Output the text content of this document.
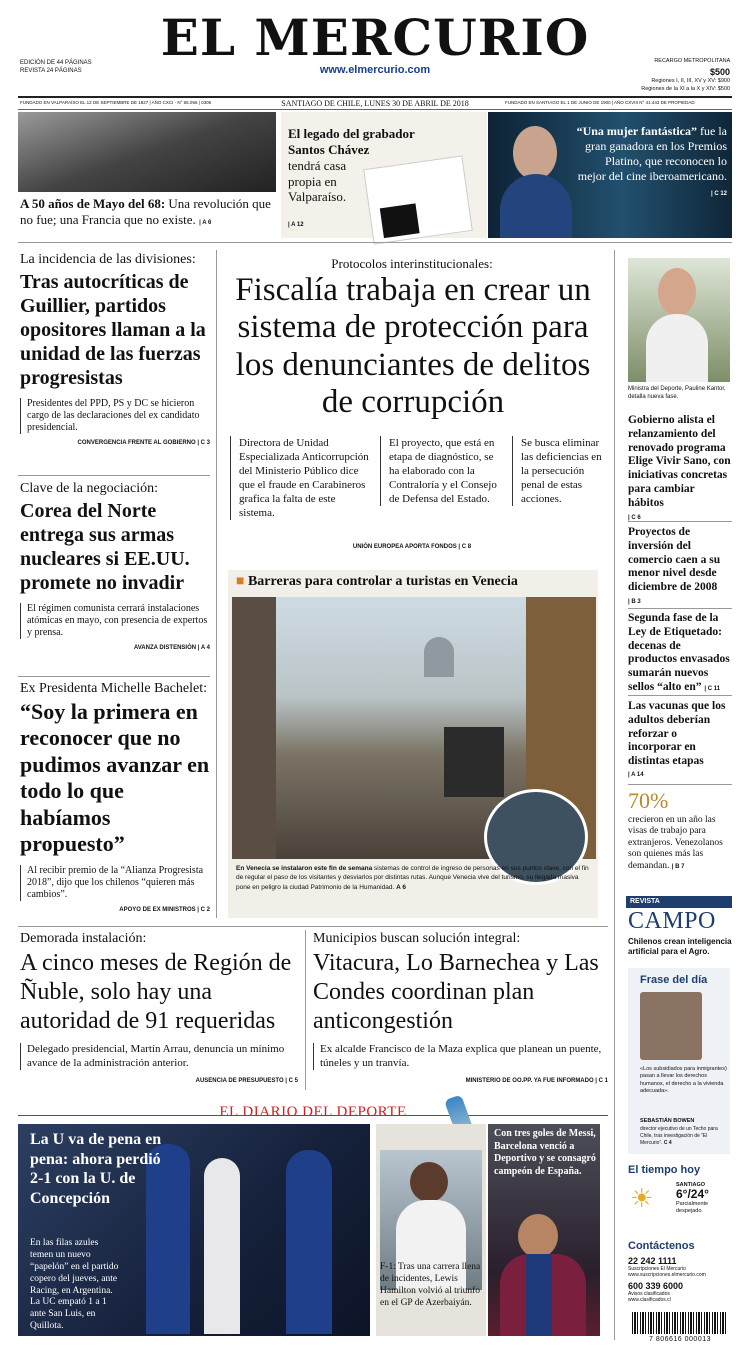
EDICIÓN DE 44 PÁGINAS
REVISTA 24 PÁGINAS
EL MERCURIO
www.elmercurio.com
RECARGO METROPOLITANA $500
Regiones I, II, III, XV y XV: $900
Regiones de la XI a la X y XIV: $500
FUNDADO EN VALPARAÍSO EL 12 DE SEPTIEMBRE DE 1827 | AÑO CXCI · N° 65.056 | 0306	SANTIAGO DE CHILE, LUNES 30 DE ABRIL DE 2018	FUNDADO EN SANTIAGO EL 1 DE JUNIO DE 1900 | AÑO CXVIII N° 41.443 DE PROPIEDAD
A 50 años de Mayo del 68: Una revolución que no fue; una Francia que no existe. | A 6
El legado del grabador Santos Chávez
tendrá casa propia en Valparaíso.
| A 12
“Una mujer fantástica” fue la gran ganadora en los Premios Platino, que reconocen lo mejor del cine iberoamericano. | C 12
La incidencia de las divisiones:
Tras autocríticas de Guillier, partidos opositores llaman a la unidad de las fuerzas progresistas
Presidentes del PPD, PS y DC se hicieron cargo de las declaraciones del ex candidato presidencial.
CONVERGENCIA FRENTE AL GOBIERNO | C 3
Clave de la negociación:
Corea del Norte entrega sus armas nucleares si EE.UU. promete no invadir
El régimen comunista cerrará instalaciones atómicas en mayo, con presencia de expertos y prensa.
AVANZA DISTENSIÓN | A 4
Ex Presidenta Michelle Bachelet:
“Soy la primera en reconocer que no pudimos avanzar en todo lo que habíamos propuesto”
Al recibir premio de la “Alianza Progresista 2018”, dijo que los chilenos “quieren más cambios”.
APOYO DE EX MINISTROS | C 2
Protocolos interinstitucionales:
Fiscalía trabaja en crear un sistema de protección para los denunciantes de delitos de corrupción
Directora de Unidad Especializada Anticorrupción del Ministerio Público dice que el fraude en Carabineros grafica la falta de este sistema.
El proyecto, que está en etapa de diagnóstico, se ha elaborado con la Contraloría y el Consejo de Defensa del Estado.
Se busca eliminar las deficiencias en la persecución penal de estas acciones.
UNIÓN EUROPEA APORTA FONDOS | C 8
■ Barreras para controlar a turistas en Venecia
En Venecia se instalaron este fin de semana sistemas de control de ingreso de personas en sus puntos clave, con el fin de regular el paso de los visitantes y desviarlos por distintas rutas. Aunque Venecia vive del turismo, su llegada masiva pone en peligro la ciudad Patrimonio de la Humanidad. A 6
Ministra del Deporte, Pauline Kantor, detalla nueva fase.
Gobierno alista el relanzamiento del renovado programa Elige Vivir Sano, con iniciativas concretas para cambiar hábitos
| C 6
Proyectos de inversión del comercio caen a su menor nivel desde diciembre de 2008
| B 3
Segunda fase de la Ley de Etiquetado: decenas de productos envasados sumarán nuevos sellos “alto en” | C 11
Las vacunas que los adultos deberían reforzar o incorporar en distintas etapas
| A 14
70%
crecieron en un año las visas de trabajo para extranjeros. Venezolanos son quienes más las demandan. | B 7
REVISTA
CAMPO
Chilenos crean inteligencia artificial para el Agro.
Frase del día
«Los subsidiados para inmigrantes) pasan a llevar los derechos humanos, el derecho a la vivienda adecuada».
SEBASTIÁN BOWEN
director ejecutivo de un Techo para Chile, tras investigación de “El Mercurio”. C 4
El tiempo hoy
☀	SANTIAGO
6°/24°
Parcialmente despejado.
Contáctenos
22 242 1111
Suscripciones El Mercurio
www.suscripciones.elmercurio.com
600 339 6000
Avisos clasificados
www.clasificados.cl
7 806616 000013
Demorada instalación:
A cinco meses de Región de Ñuble, solo hay una autoridad de 91 requeridas
Delegado presidencial, Martín Arrau, denuncia un mínimo avance de la administración anterior.
AUSENCIA DE PRESUPUESTO | C 5
Municipios buscan solución integral:
Vitacura, Lo Barnechea y Las Condes coordinan plan anticongestión
Ex alcalde Francisco de la Maza explica que planean un puente, túneles y un tranvía.
MINISTERIO DE OO.PP. YA FUE INFORMADO | C 1
EL DIARIO DEL DEPORTE
La U va de pena en pena: ahora perdió 2-1 con la U. de Concepción
En las filas azules temen un nuevo “papelón” en el partido copero del jueves, ante Racing, en Argentina. La UC empató 1 a 1 ante San Luis, en Quillota.
F-1: Tras una carrera llena de incidentes, Lewis Hamilton volvió al triunfo en el GP de Azerbaiyán.
Con tres goles de Messi, Barcelona venció a Deportivo y se consagró campeón de España.
